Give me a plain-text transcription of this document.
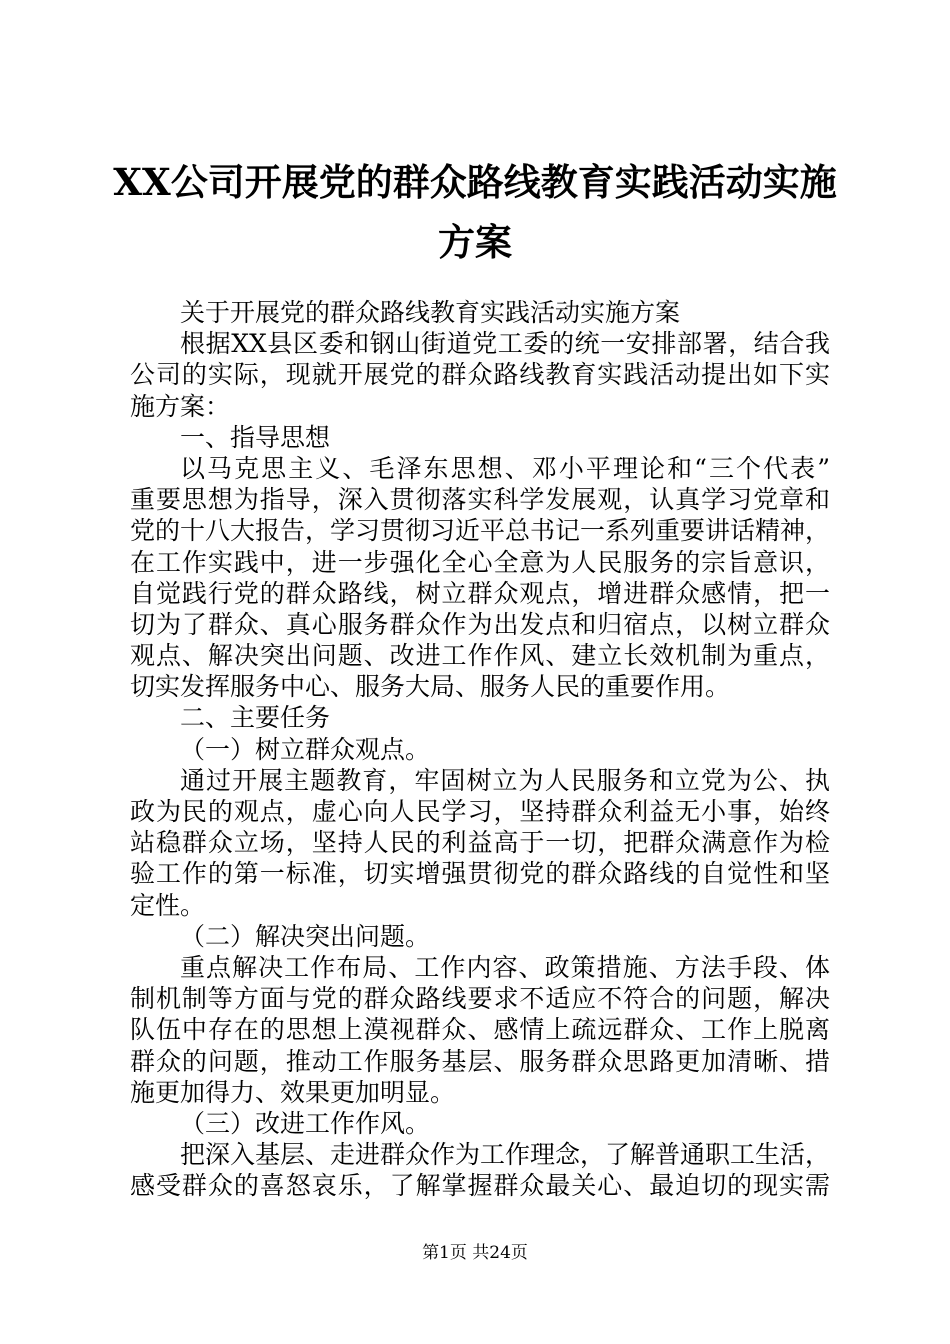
XX公司开展党的群众路线教育实践活动实施
方案
关于开展党的群众路线教育实践活动实施方案
根据XX县区委和钢山街道党工委的统一安排部署，结合我
公司的实际，现就开展党的群众路线教育实践活动提出如下实
施方案：
一、指导思想
以马克思主义、毛泽东思想、邓小平理论和“三个代表”
重要思想为指导，深入贯彻落实科学发展观，认真学习党章和
党的十八大报告，学习贯彻习近平总书记一系列重要讲话精神，
在工作实践中，进一步强化全心全意为人民服务的宗旨意识，
自觉践行党的群众路线，树立群众观点，增进群众感情，把一
切为了群众、真心服务群众作为出发点和归宿点，以树立群众
观点、解决突出问题、改进工作作风、建立长效机制为重点，
切实发挥服务中心、服务大局、服务人民的重要作用。
二、主要任务
（一）树立群众观点。
通过开展主题教育，牢固树立为人民服务和立党为公、执
政为民的观点，虚心向人民学习，坚持群众利益无小事，始终
站稳群众立场，坚持人民的利益高于一切，把群众满意作为检
验工作的第一标准，切实增强贯彻党的群众路线的自觉性和坚
定性。
（二）解决突出问题。
重点解决工作布局、工作内容、政策措施、方法手段、体
制机制等方面与党的群众路线要求不适应不符合的问题，解决
队伍中存在的思想上漠视群众、感情上疏远群众、工作上脱离
群众的问题，推动工作服务基层、服务群众思路更加清晰、措
施更加得力、效果更加明显。
（三）改进工作作风。
把深入基层、走进群众作为工作理念，了解普通职工生活，
感受群众的喜怒哀乐，了解掌握群众最关心、最迫切的现实需
第1页 共24页
